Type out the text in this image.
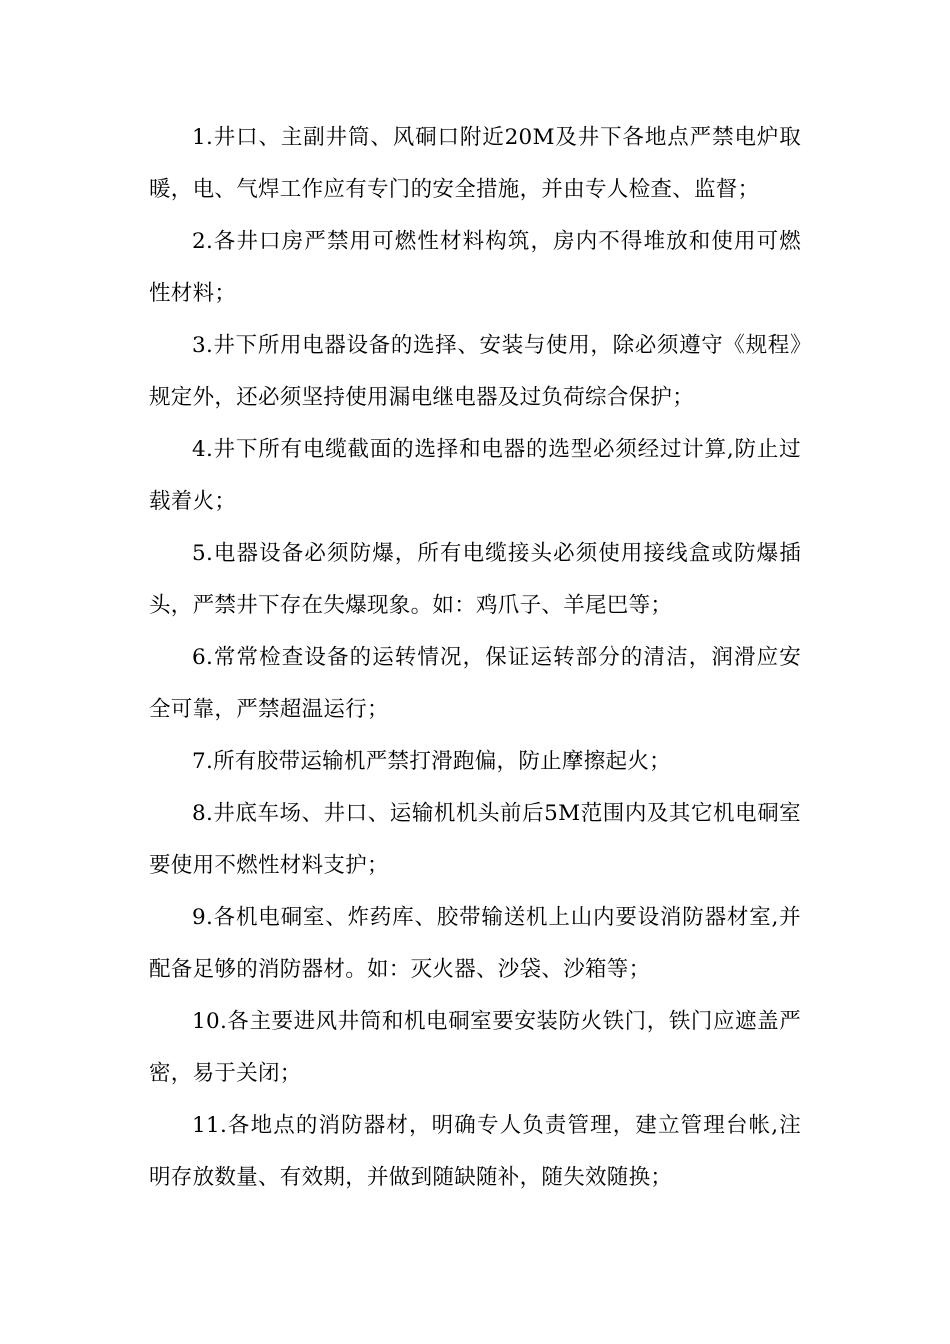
1.井口、主副井筒、风硐口附近20M及井下各地点严禁电炉取暖，电、气焊工作应有专门的安全措施，并由专人检查、监督；

2.各井口房严禁用可燃性材料构筑，房内不得堆放和使用可燃性材料；

3.井下所用电器设备的选择、安装与使用，除必须遵守《规程》规定外，还必须坚持使用漏电继电器及过负荷综合保护；

4.井下所有电缆截面的选择和电器的选型必须经过计算,防止过载着火；

5.电器设备必须防爆，所有电缆接头必须使用接线盒或防爆插头，严禁井下存在失爆现象。如：鸡爪子、羊尾巴等；

6.常常检查设备的运转情况，保证运转部分的清洁，润滑应安全可靠，严禁超温运行；

7.所有胶带运输机严禁打滑跑偏，防止摩擦起火；

8.井底车场、井口、运输机机头前后5M范围内及其它机电硐室要使用不燃性材料支护；

9.各机电硐室、炸药库、胶带输送机上山内要设消防器材室,并配备足够的消防器材。如：灭火器、沙袋、沙箱等；

10.各主要进风井筒和机电硐室要安装防火铁门，铁门应遮盖严密，易于关闭；

11.各地点的消防器材，明确专人负责管理，建立管理台帐,注明存放数量、有效期，并做到随缺随补，随失效随换；
